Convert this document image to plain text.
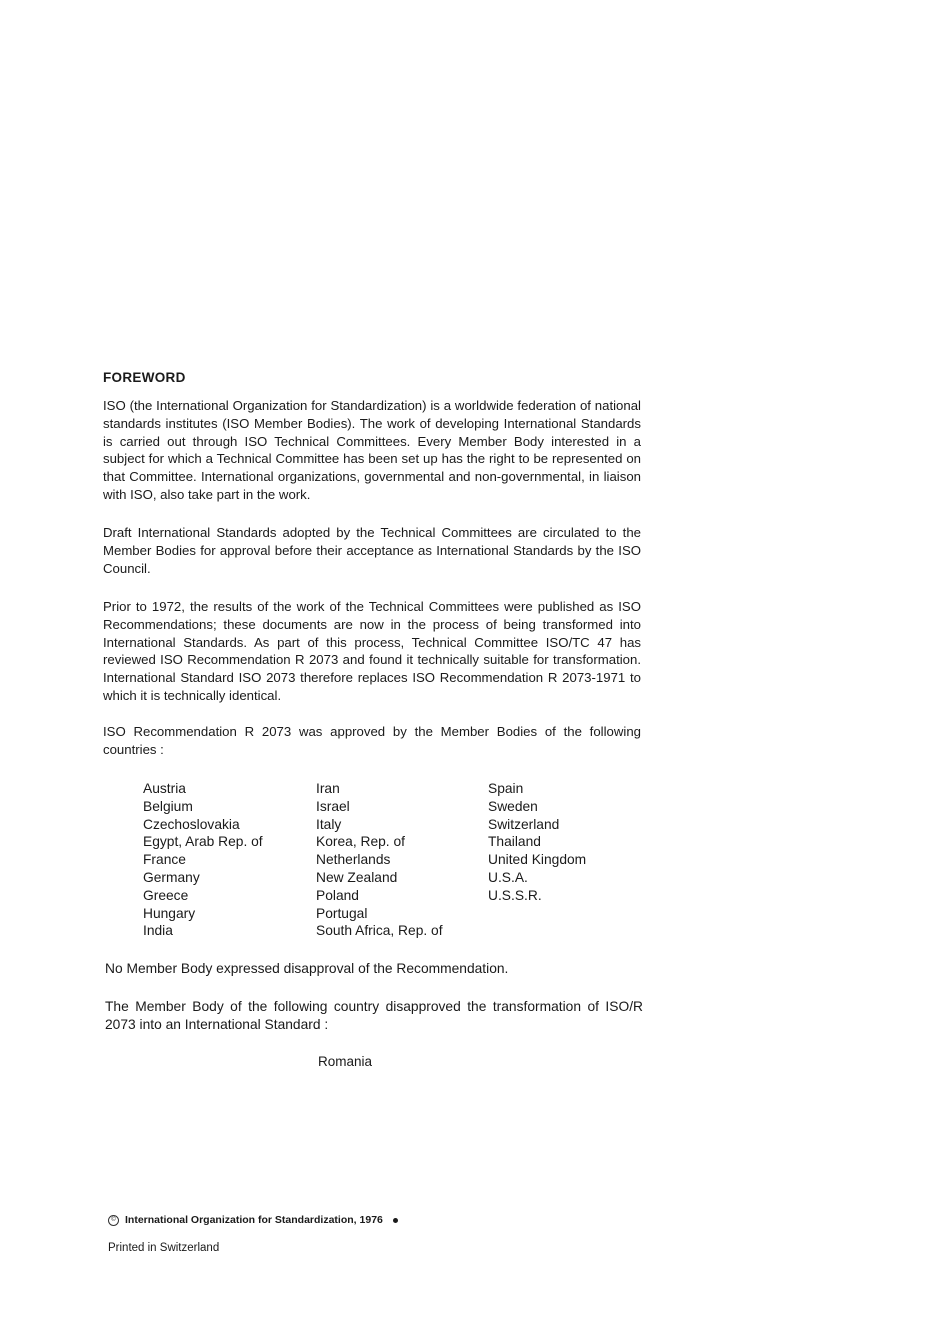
FOREWORD

ISO (the International Organization for Standardization) is a worldwide federation of national standards institutes (ISO Member Bodies). The work of developing International Standards is carried out through ISO Technical Committees. Every Member Body interested in a subject for which a Technical Committee has been set up has the right to be represented on that Committee. International organizations, governmental and non-governmental, in liaison with ISO, also take part in the work.

Draft International Standards adopted by the Technical Committees are circulated to the Member Bodies for approval before their acceptance as International Standards by the ISO Council.

Prior to 1972, the results of the work of the Technical Committees were published as ISO Recommendations; these documents are now in the process of being transformed into International Standards. As part of this process, Technical Committee ISO/TC 47 has reviewed ISO Recommendation R 2073 and found it technically suitable for transformation. International Standard ISO 2073 therefore replaces ISO Recommendation R 2073-1971 to which it is technically identical.

ISO Recommendation R 2073 was approved by the Member Bodies of the following countries :

Austria
Belgium
Czechoslovakia
Egypt, Arab Rep. of
France
Germany
Greece
Hungary
India
Iran
Israel
Italy
Korea, Rep. of
Netherlands
New Zealand
Poland
Portugal
South Africa, Rep. of
Spain
Sweden
Switzerland
Thailand
United Kingdom
U.S.A.
U.S.S.R.

No Member Body expressed disapproval of the Recommendation.

The Member Body of the following country disapproved the transformation of ISO/R 2073 into an International Standard :

Romania

© International Organization for Standardization, 1976
Printed in Switzerland
